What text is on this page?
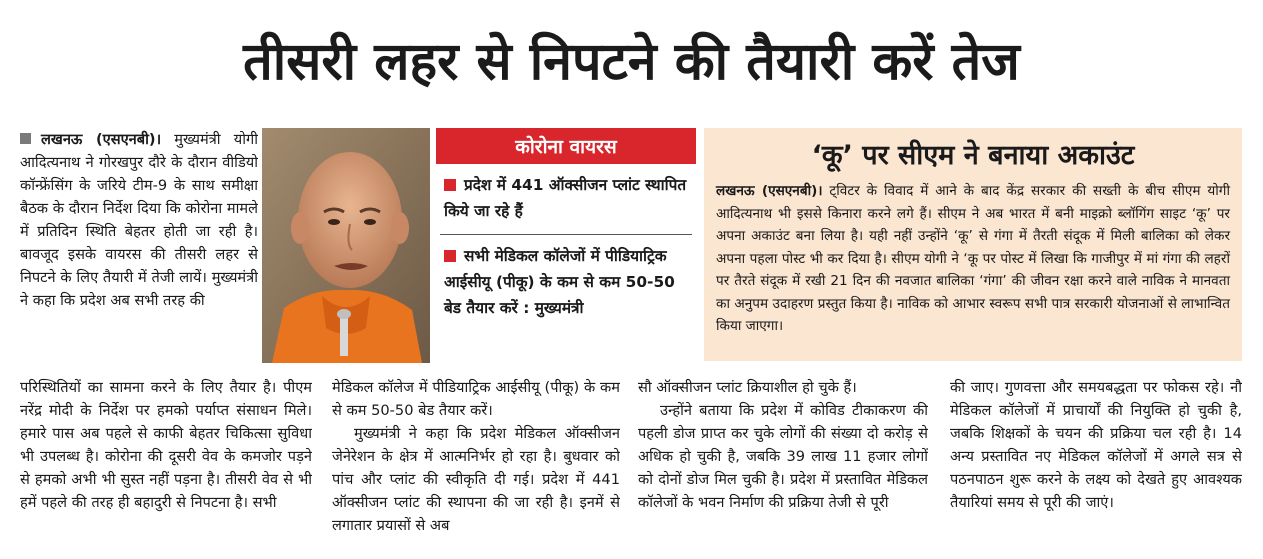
तीसरी लहर से निपटने की तैयारी करें तेज
लखनऊ (एसएनबी)। मुख्यमंत्री योगी आदित्यनाथ ने गोरखपुर दौरे के दौरान वीडियो कॉन्फ्रेंसिंग के जरिये टीम-9 के साथ समीक्षा बैठक के दौरान निर्देश दिया कि कोरोना मामले में प्रतिदिन स्थिति बेहतर होती जा रही है। बावजूद इसके वायरस की तीसरी लहर से निपटने के लिए तैयारी में तेजी लायें। मुख्यमंत्री ने कहा कि प्रदेश अब सभी तरह की
कोरोना वायरस
प्रदेश में 441 ऑक्सीजन प्लांट स्थापित किये जा रहे हैं
सभी मेडिकल कॉलेजों में पीडियाट्रिक आईसीयू (पीकू) के कम से कम 50-50 बेड तैयार करें : मुख्यमंत्री
‘कू’ पर सीएम ने बनाया अकाउंट
लखनऊ (एसएनबी)। ट्विटर के विवाद में आने के बाद केंद्र सरकार की सख्ती के बीच सीएम योगी आदित्यनाथ भी इससे किनारा करने लगे हैं। सीएम ने अब भारत में बनी माइक्रो ब्लॉगिंग साइट ‘कू’ पर अपना अकाउंट बना लिया है। यही नहीं उन्होंने ‘कू’ से गंगा में तैरती संदूक में मिली बालिका को लेकर अपना पहला पोस्ट भी कर दिया है। सीएम योगी ने ‘कू पर पोस्ट में लिखा कि गाजीपुर में मां गंगा की लहरों पर तैरते संदूक में रखी 21 दिन की नवजात बालिका ‘गंगा’ की जीवन रक्षा करने वाले नाविक ने मानवता का अनुपम उदाहरण प्रस्तुत किया है। नाविक को आभार स्वरूप सभी पात्र सरकारी योजनाओं से लाभान्वित किया जाएगा।
परिस्थितियों का सामना करने के लिए तैयार है। पीएम नरेंद्र मोदी के निर्देश पर हमको पर्याप्त संसाधन मिले। हमारे पास अब पहले से काफी बेहतर चिकित्सा सुविधा भी उपलब्ध है। कोरोना की दूसरी वेव के कमजोर पड़ने से हमको अभी भी सुस्त नहीं पड़ना है। तीसरी वेव से भी हमें पहले की तरह ही बहादुरी से निपटना है। सभी

मेडिकल कॉलेज में पीडियाट्रिक आईसीयू (पीकू) के कम से कम 50-50 बेड तैयार करें।

मुख्यमंत्री ने कहा कि प्रदेश मेडिकल ऑक्सीजन जेनेरेशन के क्षेत्र में आत्मनिर्भर हो रहा है। बुधवार को पांच और प्लांट की स्वीकृति दी गई। प्रदेश में 441 ऑक्सीजन प्लांट की स्थापना की जा रही है। इनमें से लगातार प्रयासों से अब

सौ ऑक्सीजन प्लांट क्रियाशील हो चुके हैं।

उन्होंने बताया कि प्रदेश में कोविड टीकाकरण की पहली डोज प्राप्त कर चुके लोगों की संख्या दो करोड़ से अधिक हो चुकी है, जबकि 39 लाख 11 हजार लोगों को दोनों डोज मिल चुकी है। प्रदेश में प्रस्तावित मेडिकल कॉलेजों के भवन निर्माण की प्रक्रिया तेजी से पूरी

की जाए। गुणवत्ता और समयबद्धता पर फोकस रहे। नौ मेडिकल कॉलेजों में प्राचार्यों की नियुक्ति हो चुकी है, जबकि शिक्षकों के चयन की प्रक्रिया चल रही है। 14 अन्य प्रस्तावित नए मेडिकल कॉलेजों में अगले सत्र से पठनपाठन शुरू करने के लक्ष्य को देखते हुए आवश्यक तैयारियां समय से पूरी की जाएं।
